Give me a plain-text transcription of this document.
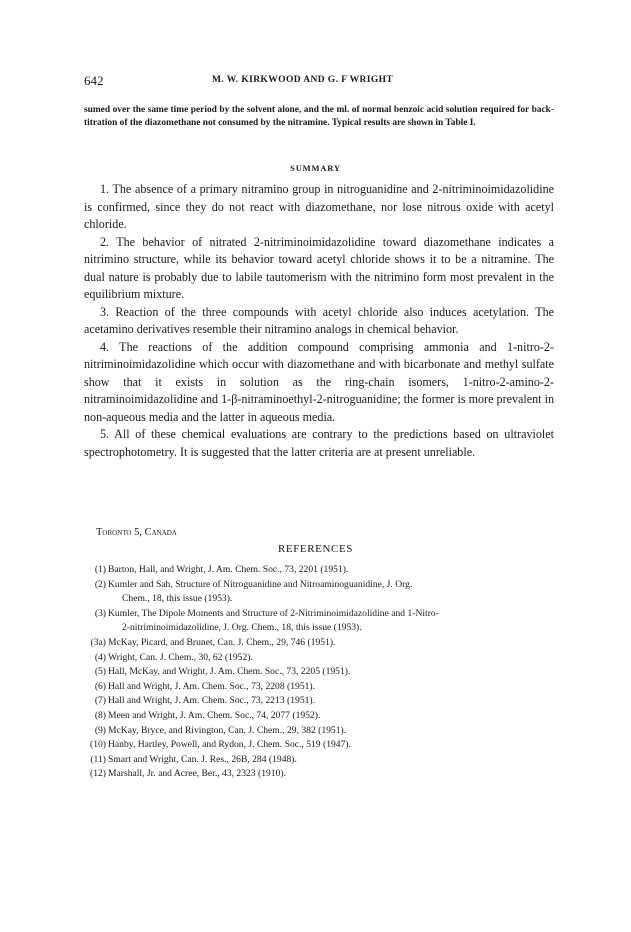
642	M. W. KIRKWOOD AND G. F WRIGHT
sumed over the same time period by the solvent alone, and the ml. of normal benzoic acid solution required for back-titration of the diazomethane not consumed by the nitramine. Typical results are shown in Table I.
SUMMARY

1. The absence of a primary nitramino group in nitroguanidine and 2-nitriminoimidazolidine is confirmed, since they do not react with diazomethane, nor lose nitrous oxide with acetyl chloride.

2. The behavior of nitrated 2-nitriminoimidazolidine toward diazomethane indicates a nitrimino structure, while its behavior toward acetyl chloride shows it to be a nitramine. The dual nature is probably due to labile tautomerism with the nitrimino form most prevalent in the equilibrium mixture.

3. Reaction of the three compounds with acetyl chloride also induces acetylation. The acetamino derivatives resemble their nitramino analogs in chemical behavior.

4. The reactions of the addition compound comprising ammonia and 1-nitro-2-nitriminoimidazolidine which occur with diazomethane and with bicarbonate and methyl sulfate show that it exists in solution as the ring-chain isomers, 1-nitro-2-amino-2-nitraminoimidazolidine and 1-β-nitraminoethyl-2-nitroguanidine; the former is more prevalent in non-aqueous media and the latter in aqueous media.

5. All of these chemical evaluations are contrary to the predictions based on ultraviolet spectrophotometry. It is suggested that the latter criteria are at present unreliable.

Toronto 5, Canada
REFERENCES
(1) Barton, Hall, and Wright, J. Am. Chem. Soc., 73, 2201 (1951).
(2) Kumler and Sah, Structure of Nitroguanidine and Nitroaminoguanidine, J. Org.
Chem., 18, this issue (1953).
(3) Kumler, The Dipole Moments and Structure of 2-Nitriminoimidazolidine and 1-Nitro-
2-nitriminoimidazolidine, J. Org. Chem., 18, this issue (1953).
(3a) McKay, Picard, and Brunet, Can. J. Chem., 29, 746 (1951).
(4) Wright, Can. J. Chem., 30, 62 (1952).
(5) Hall, McKay, and Wright, J. Am. Chem. Soc., 73, 2205 (1951).
(6) Hall and Wright, J. Am. Chem. Soc., 73, 2208 (1951).
(7) Hall and Wright, J. Am. Chem. Soc., 73, 2213 (1951).
(8) Meen and Wright, J. Am. Chem. Soc., 74, 2077 (1952).
(9) McKay, Bryce, and Rivington, Can. J. Chem., 29, 382 (1951).
(10) Hanby, Hartley, Powell, and Rydon, J. Chem. Soc., 519 (1947).
(11) Smart and Wright, Can. J. Res., 26B, 284 (1948).
(12) Marshall, Jr. and Acree, Ber., 43, 2323 (1910).
